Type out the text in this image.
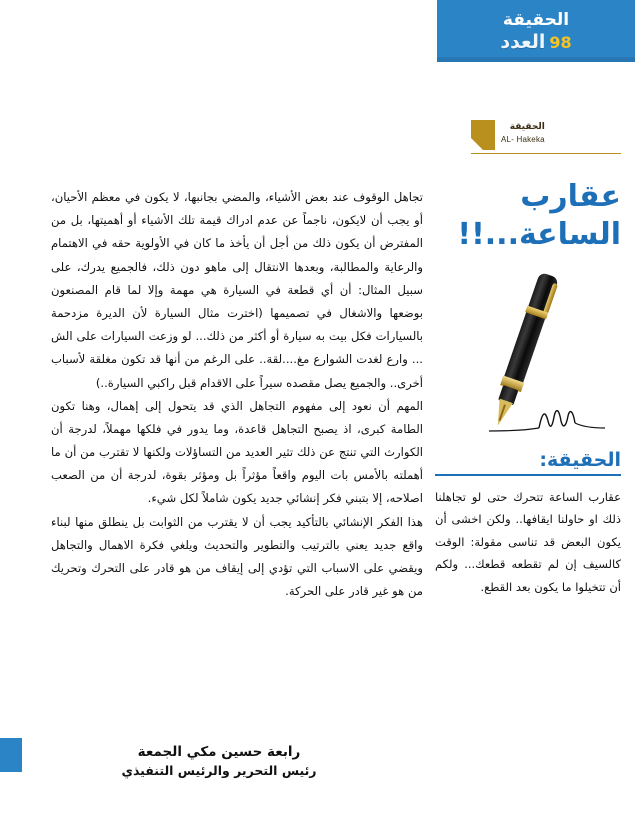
الحقيقة
98
العدد
الحقيقة
AL- Hakeka
عقارب الساعة...!!
الحقيقة:
عقارب الساعة تتحرك حتى لو تجاهلنا ذلك او حاولنا ايقافها.. ولكن اخشى أن يكون البعض قد تناسى مقولة: الوقت كالسيف إن لم تقطعه قطعك... ولكم أن تتخيلوا ما يكون بعد القطع.

تجاهل الوقوف عند بعض الأشياء، والمضي بجانبها، لا يكون في معظم الأحيان، أو يجب أن لايكون، ناجماً عن عدم ادراك قيمة تلك الأشياء أو أهميتها، بل من المفترض أن يكون ذلك من أجل أن يأخذ ما كان في الأولوية حقه في الاهتمام والرعاية والمطالبة، وبعدها الانتقال إلى ماهو دون ذلك، فالجميع يدرك، على سبيل المثال: أن أي قطعة في السيارة هي مهمة وإلا لما قام المصنعون بوضعها والاشغال في تصميمها (اخترت مثال السيارة لأن الديرة مزدحمة بالسيارات فكل بيت به سيارة أو أكثر من ذلك... لو وزعت السيارات على الش ... وارع لغدت الشوارع مغ....لقة.. على الرغم من أنها قد تكون مغلقة لأسباب أخرى.. والجميع يصل مقصده سيراً على الاقدام قبل راكبي السيارة..)

المهم أن نعود إلى مفهوم التجاهل الذي قد يتحول إلى إهمال، وهنا تكون الطامة كبرى، اذ يصبح التجاهل قاعدة، وما يدور في فلكها مهملاً، لدرجة أن الكوارث التي تنتج عن ذلك تثير العديد من التساؤلات ولكنها لا تقترب من أن ما أهملته بالأمس بات اليوم واقعاً مؤثراً بل ومؤثر بقوة، لدرجة أن من الصعب اصلاحه، إلا بتبني فكر إنشائي جديد يكون شاملاً لكل شيء.

هذا الفكر الإنشائي بالتأكيد يجب أن لا يقترب من الثوابت بل ينطلق منها لبناء واقع جديد يعني بالترتيب والتطوير والتحديث ويلغي فكرة الاهمال والتجاهل ويقضي على الاسباب التي تؤدي إلى إيقاف من هو قادر على التحرك وتحريك من هو غير قادر على الحركة.

رابعة حسين مكي الجمعة
رئيس التحرير والرئيس التنفيذي
